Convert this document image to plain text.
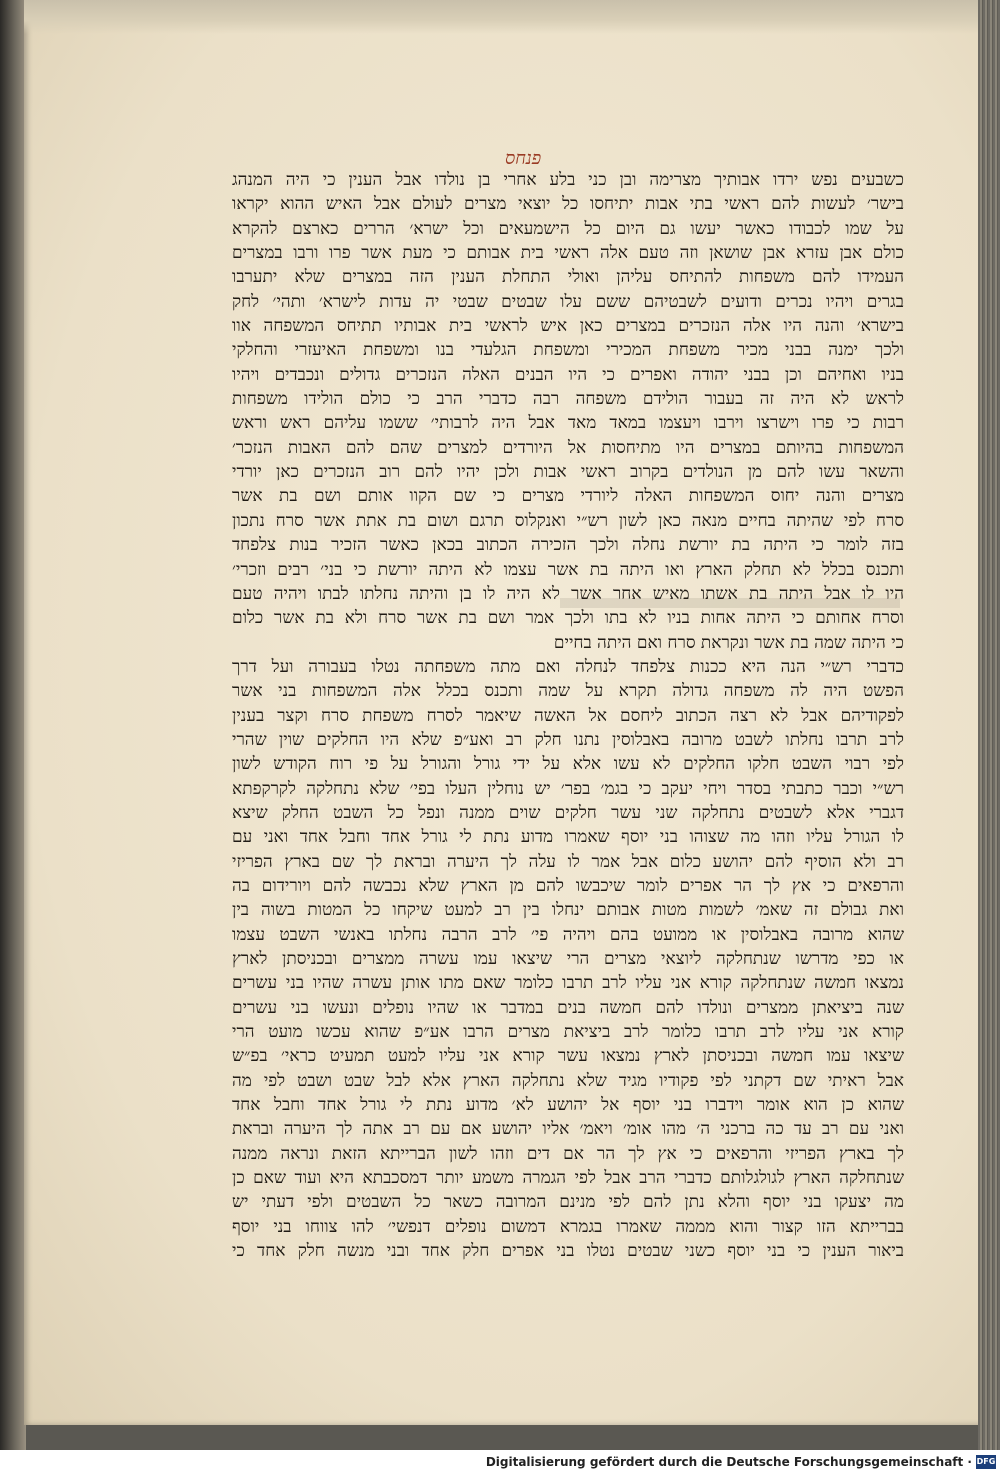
פנחס
כשבעים נפש ירדו אבותיך מצרימה ובן כני בלע אחרי בן נולדו אבל הענין כי היה המנהג
בישר׳ לעשות להם ראשי בתי אבות יתיחסו כל יוצאי מצרים לעולם אבל האיש ההוא יקראו
על שמו לכבודו כאשר יעשו גם היום כל הישמעאים וכל ישרא׳ הררים כארצם להקרא
כולם אבן עזרא אבן שושאן וזה טעם אלה ראשי בית אבותם כי מעת אשר פרו ורבו במצרים
העמידו להם משפחות להתיחס עליהן ואולי התחלת הענין הזה במצרים שלא יתערבו
בגרים ויהיו נכרים ודועים לשבטיהם ששם עלו שבטים שבטי יה עדות לישרא׳ ותהי׳ לחק
בישרא׳ והנה היו אלה הנזכרים במצרים כאן איש לראשי בית אבותיו תתיחס המשפחה אוו
ולכך ימנה בבני מכיר משפחת המכירי ומשפחת הגלעדי בנו ומשפחת האיעזרי והחלקי
בניו ואחיהם וכן בבני יהודה ואפרים כי היו הבנים האלה הנזכרים גדולים ונכבדים ויהיו
לראש לא היה זה בעבור הולידם משפחה רבה כדברי הרב כי כולם הולידו משפחות
רבות כי פרו וישרצו וירבו ויעצמו במאד מאד אבל היה לרבותי׳ ששמו עליהם ראש וראש
המשפחות בהיותם במצרים היו מתיחסות אל היורדים למצרים שהם להם האבות הנזכר׳
והשאר עשו להם מן הנולדים בקרוב ראשי אבות ולכן יהיו להם רוב הנזכרים כאן יורדי
מצרים והנה יחוס המשפחות האלה ליורדי מצרים כי שם הקוו אותם ושם בת אשר
סרח לפי שהיתה בחיים מנאה כאן לשון רש״י ואנקלוס תרגם ושום בת אתת אשר סרח נתכון
בזה לומר כי היתה בת יורשת נחלה ולכך הזכירה הכתוב בכאן כאשר הזכיר בנות צלפחד
ותכנס בכלל לא תחלק הארץ ואו היתה בת אשר עצמו לא היתה יורשת כי בני׳ רבים וזכרי׳
היו לו אבל היתה בת אשתו מאיש אחר אשר לא היה לו בן והיתה נחלתו לבתו ויהיה טעם
וסרח אחותם כי היתה אחות בניו לא בתו ולכך אמר ושם בת אשר סרח ולא בת אשר כלום
כי היתה שמה בת אשר ונקראת סרח ואם היתה בחיים
כדברי רש״י הנה היא ככנות צלפחד לנחלה ואם מתה משפחתה נטלו בעבורה ועל דרך
הפשט היה לה משפחה גדולה תקרא על שמה ותכנס בכלל אלה המשפחות בני אשר
לפקודיהם אבל לא רצה הכתוב ליחסם אל האשה שיאמר לסרח משפחת סרח וקצר בענין
לרב תרבו נחלתו לשבט מרובה באבלוסין נתנו חלק רב ואע״פ שלא היו החלקים שוין שהרי
לפי רבוי השבט חלקו החלקים לא עשו אלא על ידי גורל והגורל על פי רוח הקודש לשון
רש״י וכבר כתבתי בסדר ויחי יעקב כי בגמ׳ בפר׳ יש נוחלין העלו בפי׳ שלא נתחלקה לקרקפתא
דגברי אלא לשבטים נתחלקה שני עשר חלקים שוים ממנה ונפל כל השבט החלק שיצא
לו הגורל עליו וזהו מה שצוהו בני יוסף שאמרו מדוע נתת לי גורל אחד וחבל אחד ואני עם
רב ולא הוסיף להם יהושע כלום אבל אמר לו עלה לך היערה ובראת לך שם בארץ הפריזי
והרפאים כי אץ לך הר אפרים לומר שיכבשו להם מן הארץ שלא נכבשה להם ויורידום בה
ואת גבולם זה שאמ׳ לשמות מטות אבותם ינחלו בין רב למעט שיקחו כל המטות בשוה בין
שהוא מרובה באבלוסין או ממועט בהם ויהיה פי׳ לרב הרבה נחלתו באנשי השבט עצמו
או כפי מדרשו שנתחלקה ליוצאי מצרים הרי שיצאו עמו עשרה ממצרים ובכניסתן לארץ
נמצאו חמשה שנתחלקה קורא אני עליו לרב תרבו כלומר שאם מתו אותן עשרה שהיו בני עשרים
שנה ביציאתן ממצרים ונולדו להם חמשה בנים במדבר או שהיו נופלים ונעשו בני עשרים
קורא אני עליו לרב תרבו כלומר לרב ביציאת מצרים הרבו אע״פ שהוא עכשו מועט הרי
שיצאו עמו חמשה ובכניסתן לארץ נמצאו עשר קורא אני עליו למעט תמעיט כראי׳ בפ״ש
אבל ראיתי שם דקתני לפי פקודיו מגיד שלא נתחלקה הארץ אלא לבל שבט ושבט לפי מה
שהוא כן הוא אומר וידברו בני יוסף אל יהושע לא׳ מדוע נתת לי גורל אחד וחבל אחד
ואני עם רב עד כה ברכני ה׳ מהו אומ׳ ויאמ׳ אליו יהושע אם עם רב אתה לך היערה ובראת
לך בארץ הפריזי והרפאים כי אץ לך הר אם דים וזהו לשון הברייתא הזאת ונראה ממנה
שנתחלקה הארץ לגולגלותם כדברי הרב אבל לפי הגמרה משמע יותר דמסכבתא היא ועוד שאם כן
מה יצעקו בני יוסף והלא נתן להם לפי מנינם המרובה כשאר כל השבטים ולפי דעתי יש
בברייתא הזו קצור והוא מממה שאמרו בגמרא דמשום נופלים דנפשי׳ להו צווחו בני יוסף
ביאור הענין כי בני יוסף כשני שבטים נטלו בני אפרים חלק אחד ובני מנשה חלק אחד כי
Digitalisierung gefördert durch die Deutsche Forschungsgemeinschaft · DFG
